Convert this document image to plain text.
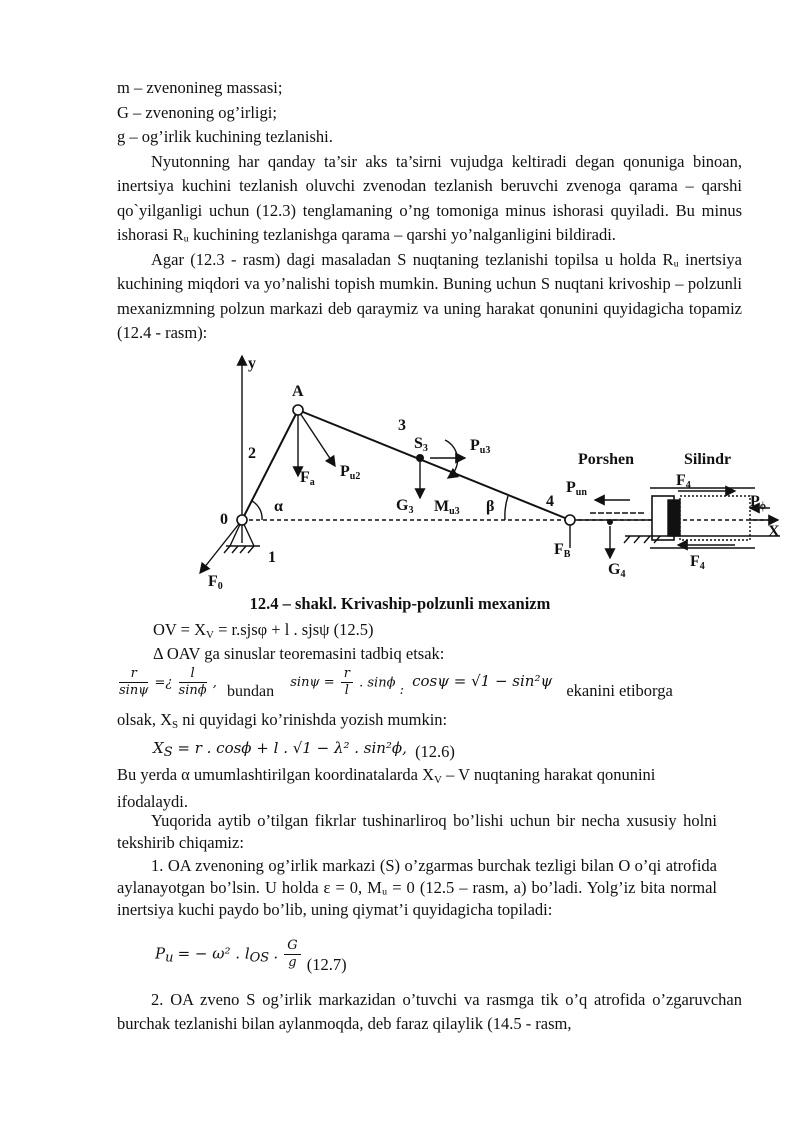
m – zvenonineg massasi;
G – zvenoning og’irligi;
g – og’irlik kuchining tezlanishi.
Nyutonning har qanday ta’sir aks ta’sirni vujudga keltiradi degan qonuniga binoan, inertsiya kuchini tezlanish oluvchi zvenodan tezlanish beruvchi zvenoga qarama – qarshi qo`yilganligi uchun (12.3) tenglamaning o’ng tomoniga minus ishorasi quyiladi. Bu minus ishorasi Rᵤ kuchining tezlanishga qarama – qarshi yo’nalganligini bildiradi.
Agar (12.3 - rasm) dagi masaladan S nuqtaning tezlanishi topilsa u holda Rᵤ inertsiya kuchining miqdori va yo’nalishi topish mumkin. Buning uchun S nuqtani krivoship – polzunli mexanizmning polzun markazi deb qaraymiz va uning harakat qonunini quyidagicha topamiz (12.4 - rasm):
y
A
2
3
1
4
0
α	β
X
Fa
Pu2
S3	Pu3
G3 Mu3
F0
FB
G4
Pun
Porshen	Silindr
F4
F4
Pϕ
12.4 – shakl. Krivaship-polzunli mexanizm
OV = $X_V = r.sjs\varphi + l$ . sjsψ (12.5)
Δ OAV ga sinuslar teoremasini tadbiq etsak:
$\frac{r}{\sin\psi}$ =¿ $\frac{l}{\sin\phi}$ , bundan $\sin\psi = \frac{r}{l}$ . sinϕ $_:$ cosψ = √1 − sin²ψ ekanini etiborga
olsak, $X_S$ ni quyidagi ko’rinishda yozish mumkin:
$X_S = r$ . cosϕ + l . √1 − λ² . sin²ϕ, (12.6)
Bu yerda α umumlashtirilgan koordinatalarda $X_V$ – V nuqtaning harakat qonunini
ifodalaydi.
Yuqorida aytib o’tilgan fikrlar tushinarliroq bo’lishi uchun bir necha xususiy holni tekshirib chiqamiz:
1. OA zvenoning og’irlik markazi (S) o’zgarmas burchak tezligi bilan O o’qi atrofida aylanayotgan bo’lsin. U holda ε = 0, Mᵤ = 0 (12.5 – rasm, a) bo’ladi. Yolg’iz bita normal inertsiya kuchi paydo bo’lib, uning qiymat’i quyidagicha topiladi:
$P_u$ = − ω² . $l_{OS}$ . $\frac{G}{g} (12.7)$
2. OA zveno S og’irlik markazidan o’tuvchi va rasmga tik o’q atrofida o’zgaruvchan burchak tezlanishi bilan aylanmoqda, deb faraz qilaylik (14.5 - rasm,
